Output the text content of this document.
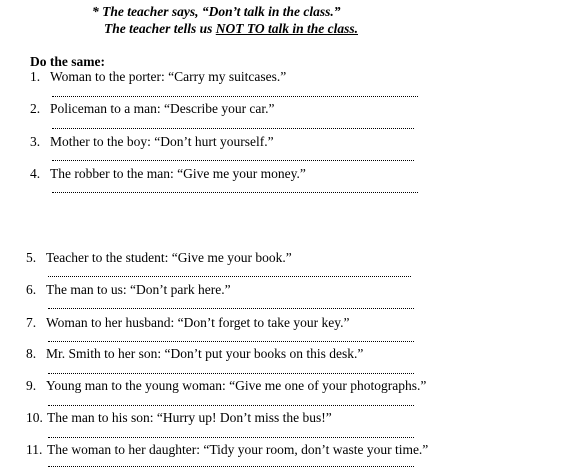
* The teacher says, “Don’t talk in the class.”
The teacher tells us NOT TO talk in the class.
Do the same:
1. Woman to the porter: “Carry my suitcases.”
2. Policeman to a man: “Describe your car.”
3. Mother to the boy: “Don’t hurt yourself.”
4. The robber to the man: “Give me your money.”
5. Teacher to the student: “Give me your book.”
6. The man to us: “Don’t park here.”
7. Woman to her husband: “Don’t forget to take your key.”
8. Mr. Smith to her son: “Don’t put your books on this desk.”
9. Young man to the young woman: “Give me one of your photographs.”
10. The man to his son: “Hurry up! Don’t miss the bus!”
11. The woman to her daughter: “Tidy your room, don’t waste your time.”
